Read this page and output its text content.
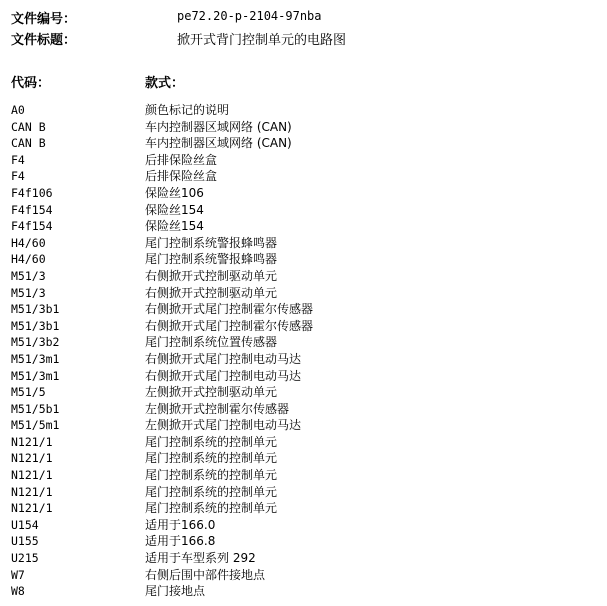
文件编号：	pe72.20-p-2104-97nba
文件标题：	掀开式背门控制单元的电路图
代码：	款式：
A0	颜色标记的说明
CAN B	车内控制器区域网络 (CAN)
CAN B	车内控制器区域网络 (CAN)
F4	后排保险丝盒
F4	后排保险丝盒
F4f106	保险丝106
F4f154	保险丝154
F4f154	保险丝154
H4/60	尾门控制系统警报蜂鸣器
H4/60	尾门控制系统警报蜂鸣器
M51/3	右侧掀开式控制驱动单元
M51/3	右侧掀开式控制驱动单元
M51/3b1	右侧掀开式尾门控制霍尔传感器
M51/3b1	右侧掀开式尾门控制霍尔传感器
M51/3b2	尾门控制系统位置传感器
M51/3m1	右侧掀开式尾门控制电动马达
M51/3m1	右侧掀开式尾门控制电动马达
M51/5	左侧掀开式控制驱动单元
M51/5b1	左侧掀开式控制霍尔传感器
M51/5m1	左侧掀开式尾门控制电动马达
N121/1	尾门控制系统的控制单元
N121/1	尾门控制系统的控制单元
N121/1	尾门控制系统的控制单元
N121/1	尾门控制系统的控制单元
N121/1	尾门控制系统的控制单元
U154	适用于166.0
U155	适用于166.8
U215	适用于车型系列 292
W7	右侧后围中部件接地点
W8	尾门接地点
